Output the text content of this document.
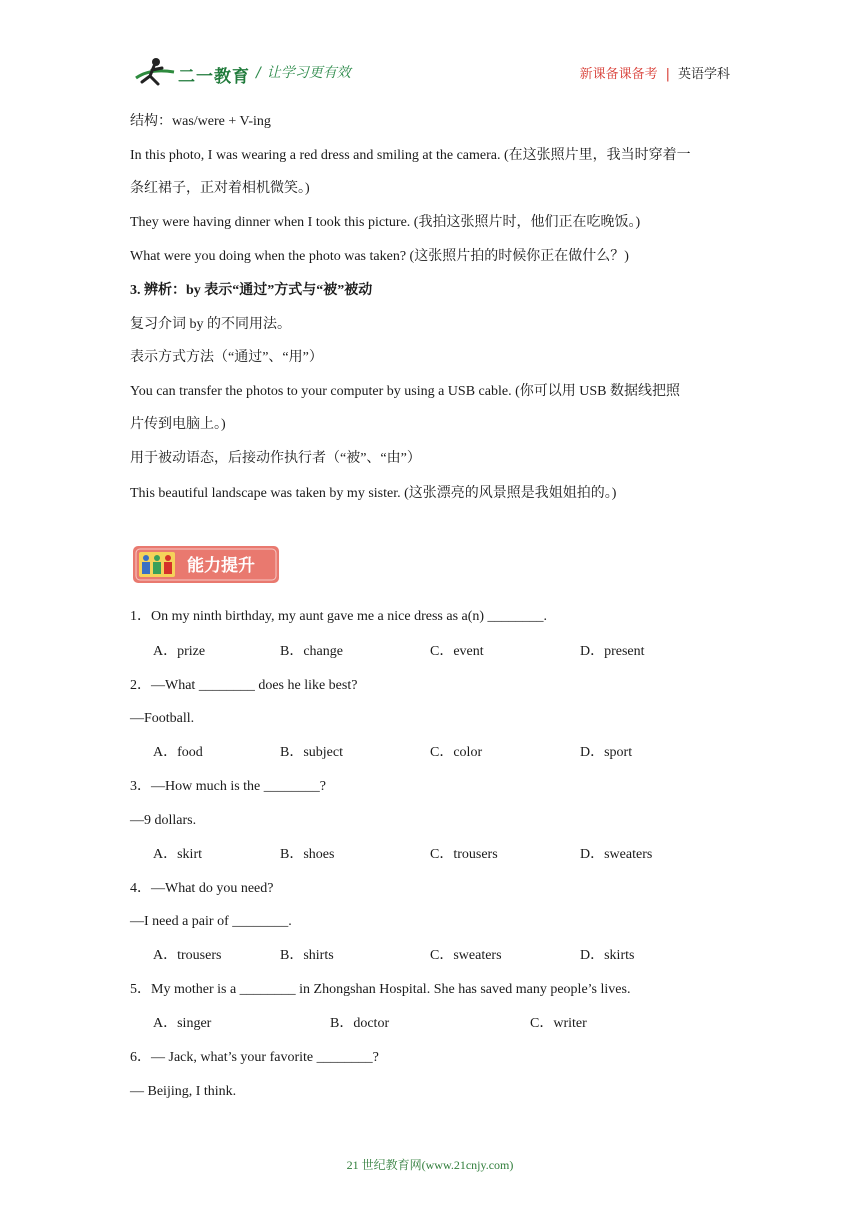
二一教育 / 让学习更有效	新课备课备考 | 英语学科
结构：was/were + V-ing
In this photo, I was wearing a red dress and smiling at the camera. (在这张照片里，我当时穿着一
条红裙子，正对着相机微笑。)
They were having dinner when I took this picture. (我拍这张照片时，他们正在吃晚饭。)
What were you doing when the photo was taken? (这张照片拍的时候你正在做什么？)
3. 辨析：by 表示“通过”方式与“被”被动
复习介词 by 的不同用法。
表示方式方法（“通过”、“用”）
You can transfer the photos to your computer by using a USB cable. (你可以用 USB 数据线把照
片传到电脑上。)
用于被动语态，后接动作执行者（“被”、“由”）
This beautiful landscape was taken by my sister. (这张漂亮的风景照是我姐姐拍的。)
能力提升
1．On my ninth birthday, my aunt gave me a nice dress as a(n) ________.
A．prize	B．change	C．event	D．present
2．—What ________ does he like best?
—Football.
A．food	B．subject	C．color	D．sport
3．—How much is the ________?
—9 dollars.
A．skirt	B．shoes	C．trousers	D．sweaters
4．—What do you need?
—I need a pair of ________.
A．trousers	B．shirts	C．sweaters	D．skirts
5．My mother is a ________ in Zhongshan Hospital. She has saved many people’s lives.
A．singer	B．doctor	C．writer
6．— Jack, what’s your favorite ________?
— Beijing, I think.
21 世纪教育网(www.21cnjy.com)
